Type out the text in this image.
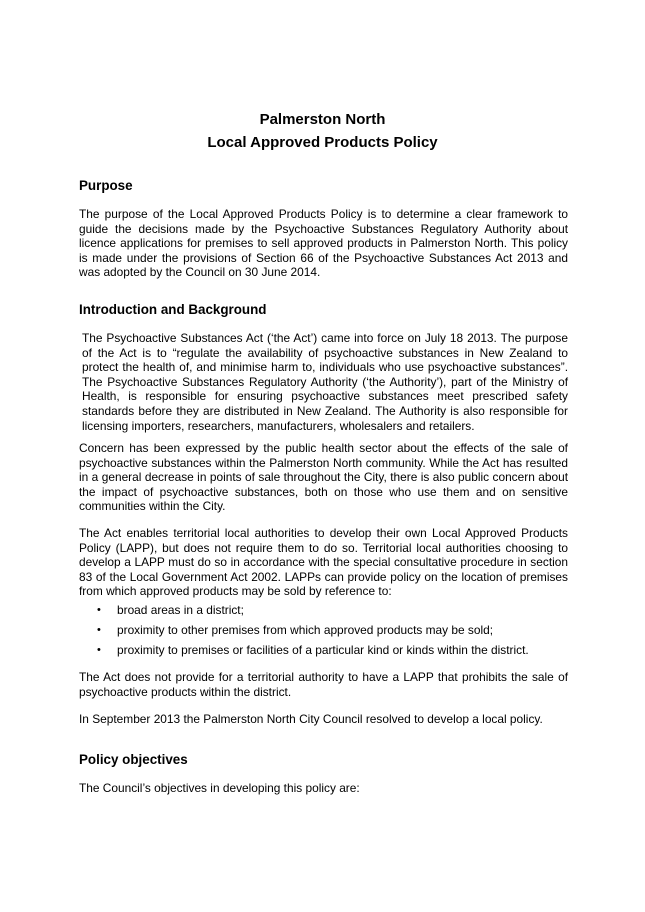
Palmerston North
Local Approved Products Policy
Purpose
The purpose of the Local Approved Products Policy is to determine a clear framework to guide the decisions made by the Psychoactive Substances Regulatory Authority about licence applications for premises to sell approved products in Palmerston North. This policy is made under the provisions of Section 66 of the Psychoactive Substances Act 2013 and was adopted by the Council on 30 June 2014.
Introduction and Background
The Psychoactive Substances Act (‘the Act’) came into force on July 18 2013. The purpose of the Act is to “regulate the availability of psychoactive substances in New Zealand to protect the health of, and minimise harm to, individuals who use psychoactive substances”. The Psychoactive Substances Regulatory Authority (‘the Authority’), part of the Ministry of Health, is responsible for ensuring psychoactive substances meet prescribed safety standards before they are distributed in New Zealand. The Authority is also responsible for licensing importers, researchers, manufacturers, wholesalers and retailers.
Concern has been expressed by the public health sector about the effects of the sale of psychoactive substances within the Palmerston North community. While the Act has resulted in a general decrease in points of sale throughout the City, there is also public concern about the impact of psychoactive substances, both on those who use them and on sensitive communities within the City.
The Act enables territorial local authorities to develop their own Local Approved Products Policy (LAPP), but does not require them to do so. Territorial local authorities choosing to develop a LAPP must do so in accordance with the special consultative procedure in section 83 of the Local Government Act 2002. LAPPs can provide policy on the location of premises from which approved products may be sold by reference to:
• broad areas in a district;
• proximity to other premises from which approved products may be sold;
• proximity to premises or facilities of a particular kind or kinds within the district.
The Act does not provide for a territorial authority to have a LAPP that prohibits the sale of psychoactive products within the district.
In September 2013 the Palmerston North City Council resolved to develop a local policy.
Policy objectives
The Council’s objectives in developing this policy are:
